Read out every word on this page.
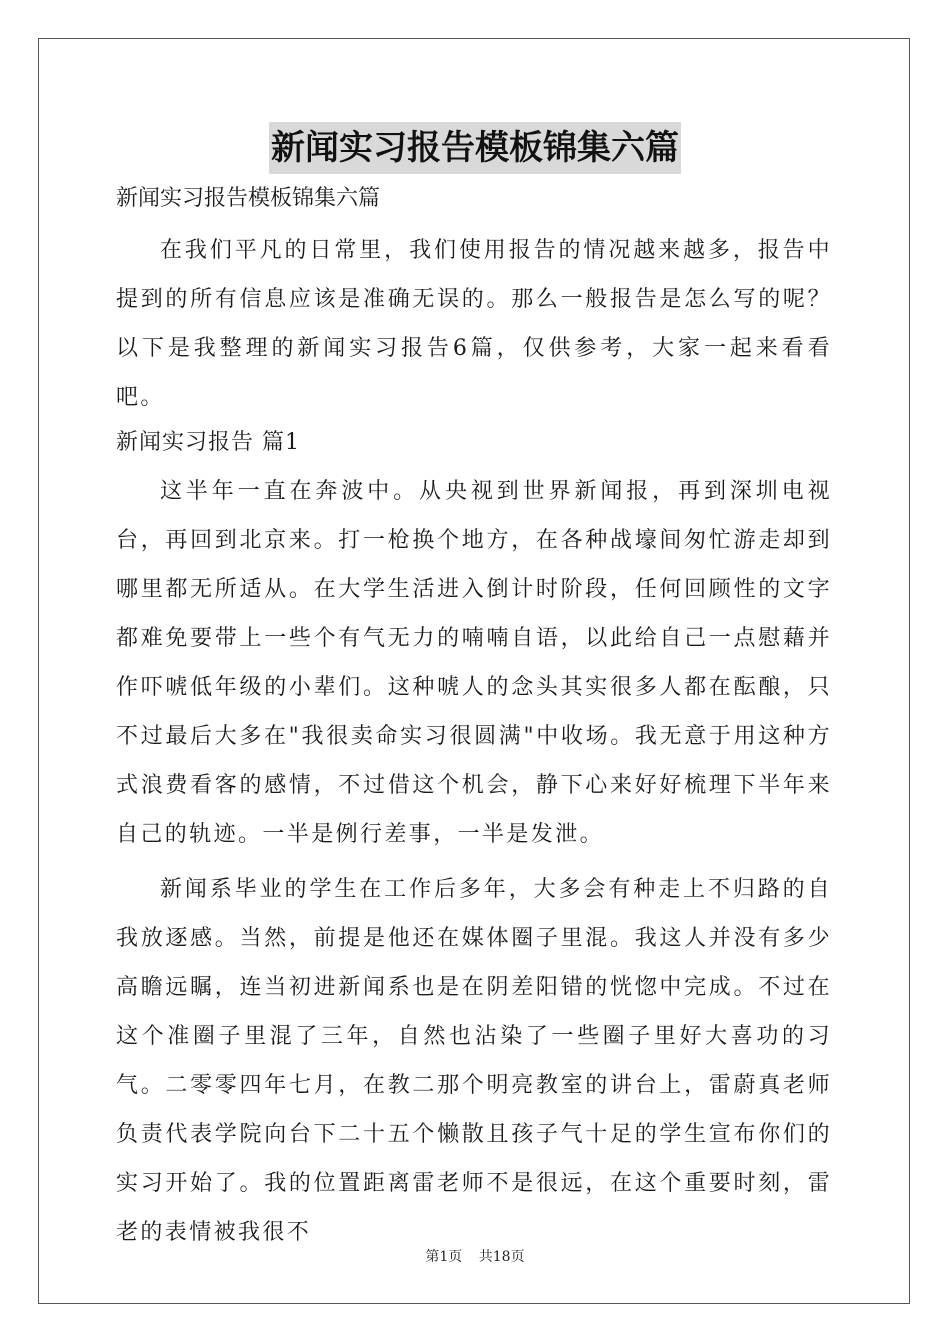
新闻实习报告模板锦集六篇
新闻实习报告模板锦集六篇

在我们平凡的日常里，我们使用报告的情况越来越多，报告中提到的所有信息应该是准确无误的。那么一般报告是怎么写的呢？以下是我整理的新闻实习报告6篇，仅供参考，大家一起来看看吧。

新闻实习报告 篇1

这半年一直在奔波中。从央视到世界新闻报，再到深圳电视台，再回到北京来。打一枪换个地方，在各种战壕间匆忙游走却到哪里都无所适从。在大学生活进入倒计时阶段，任何回顾性的文字都难免要带上一些个有气无力的喃喃自语，以此给自己一点慰藉并作吓唬低年级的小辈们。这种唬人的念头其实很多人都在酝酿，只不过最后大多在"我很卖命实习很圆满"中收场。我无意于用这种方式浪费看客的感情，不过借这个机会，静下心来好好梳理下半年来自己的轨迹。一半是例行差事，一半是发泄。

新闻系毕业的学生在工作后多年，大多会有种走上不归路的自我放逐感。当然，前提是他还在媒体圈子里混。我这人并没有多少高瞻远瞩，连当初进新闻系也是在阴差阳错的恍惚中完成。不过在这个准圈子里混了三年，自然也沾染了一些圈子里好大喜功的习气。二零零四年七月，在教二那个明亮教室的讲台上，雷蔚真老师负责代表学院向台下二十五个懒散且孩子气十足的学生宣布你们的实习开始了。我的位置距离雷老师不是很远，在这个重要时刻，雷老的表情被我很不

第1页 共18页
